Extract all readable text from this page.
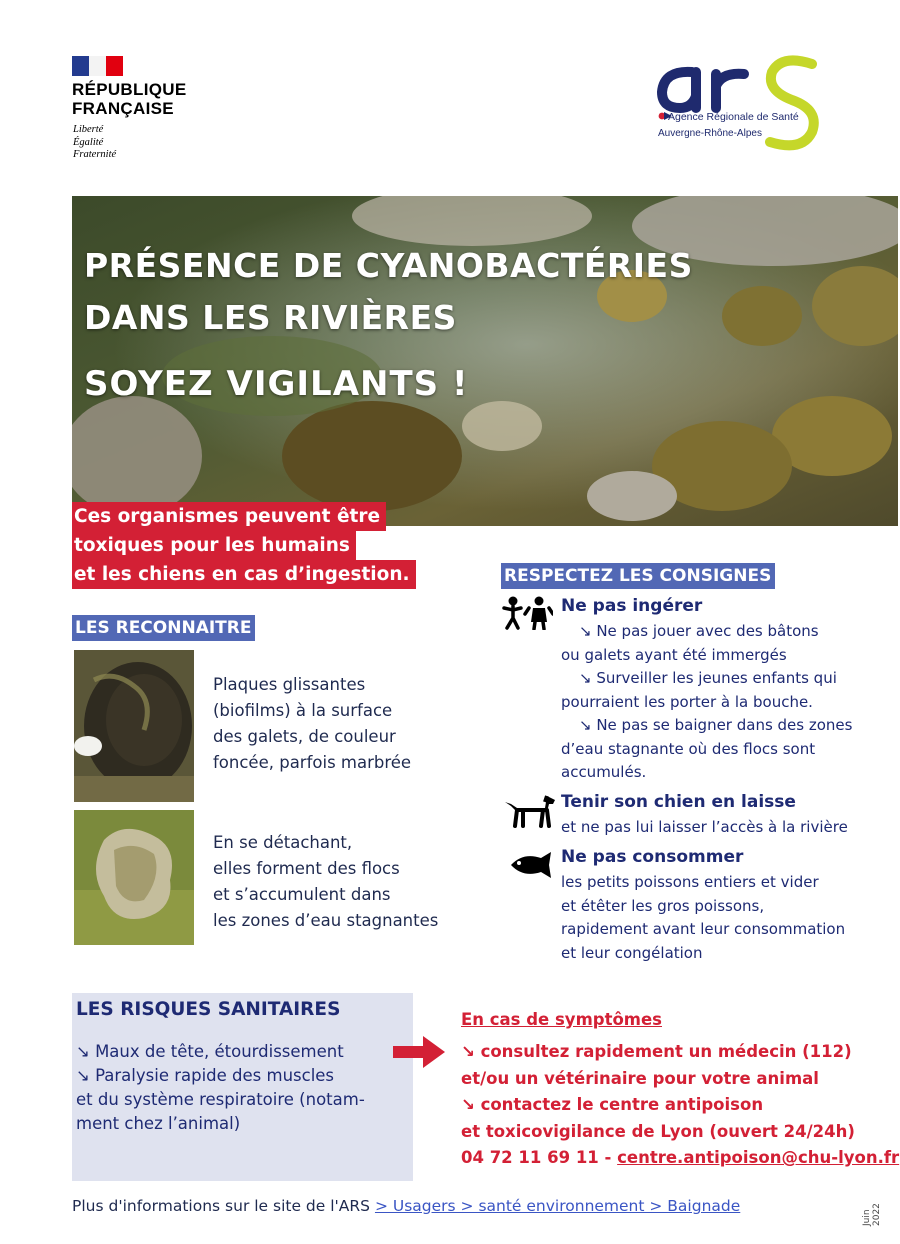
RÉPUBLIQUE
FRANÇAISE
Liberté
Égalité
Fraternité
Agence Régionale de Santé
Auvergne-Rhône-Alpes
PRÉSENCE DE CYANOBACTÉRIES
DANS LES RIVIÈRES
SOYEZ VIGILANTS !
Ces organismes peuvent être
toxiques pour les humains
et les chiens en cas d’ingestion.
LES RECONNAITRE
Plaques glissantes
(biofilms) à la surface
des galets, de couleur
foncée, parfois marbrée
En se détachant,
elles forment des flocs
et s’accumulent dans
les zones d’eau stagnantes
RESPECTEZ LES CONSIGNES
Ne pas ingérer
↘ Ne pas jouer avec des bâtons
ou galets ayant été immergés
↘ Surveiller les jeunes enfants qui
pourraient les porter à la bouche.
↘ Ne pas se baigner dans des zones
d’eau stagnante où des flocs sont
accumulés.
Tenir son chien en laisse
et ne pas lui laisser l’accès à la rivière
Ne pas consommer
les petits poissons entiers et vider
et étêter les gros poissons,
rapidement avant leur consommation
et leur congélation
LES RISQUES SANITAIRES
↘ Maux de tête, étourdissement
↘ Paralysie rapide des muscles
et du système respiratoire (notam-
ment chez l’animal)
En cas de symptômes
↘ consultez rapidement un médecin (112)
et/ou un vétérinaire pour votre animal
↘ contactez le centre antipoison
et toxicovigilance de Lyon (ouvert 24/24h)
04 72 11 69 11 - centre.antipoison@chu-lyon.fr
Plus d'informations sur le site de l'ARS > Usagers > santé environnement > Baignade
Juin 2022
